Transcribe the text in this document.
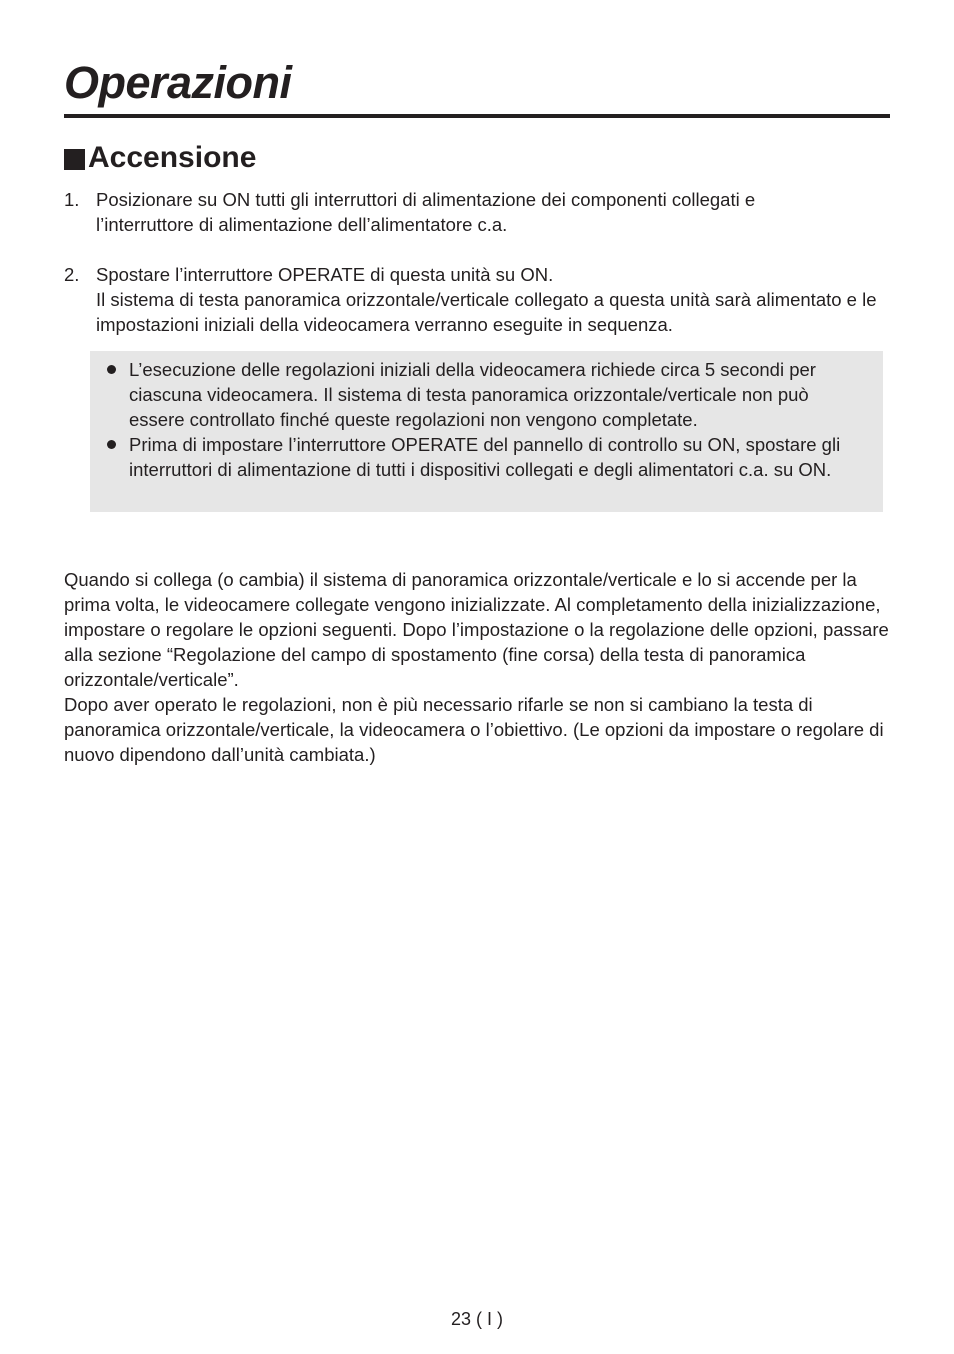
Operazioni
Accensione
1. Posizionare su ON tutti gli interruttori di alimentazione dei componenti collegati e l’interruttore di alimentazione dell’alimentatore c.a.

2. Spostare l’interruttore OPERATE di questa unità su ON.

Il sistema di testa panoramica orizzontale/verticale collegato a questa unità sarà alimentato e le impostazioni iniziali della videocamera verranno eseguite in sequenza.

L’esecuzione delle regolazioni iniziali della videocamera richiede circa 5 secondi per ciascuna videocamera. Il sistema di testa panoramica orizzontale/verticale non può essere controllato finché queste regolazioni non vengono completate.
Prima di impostare l’interruttore OPERATE del pannello di controllo su ON, spostare gli interruttori di alimentazione di tutti i dispositivi collegati e degli alimentatori c.a. su ON.

Quando si collega (o cambia) il sistema di panoramica orizzontale/verticale e lo si accende per la prima volta, le videocamere collegate vengono inizializzate. Al completamento della inizializzazione, impostare o regolare le opzioni seguenti. Dopo l’impostazione o la regolazione delle opzioni, passare alla sezione “Regolazione del campo di spostamento (fine corsa) della testa di panoramica orizzontale/verticale”.

Dopo aver operato le regolazioni, non è più necessario rifarle se non si cambiano la testa di panoramica orizzontale/verticale, la videocamera o l’obiettivo. (Le opzioni da impostare o regolare di nuovo dipendono dall’unità cambiata.)

23 ( I )
